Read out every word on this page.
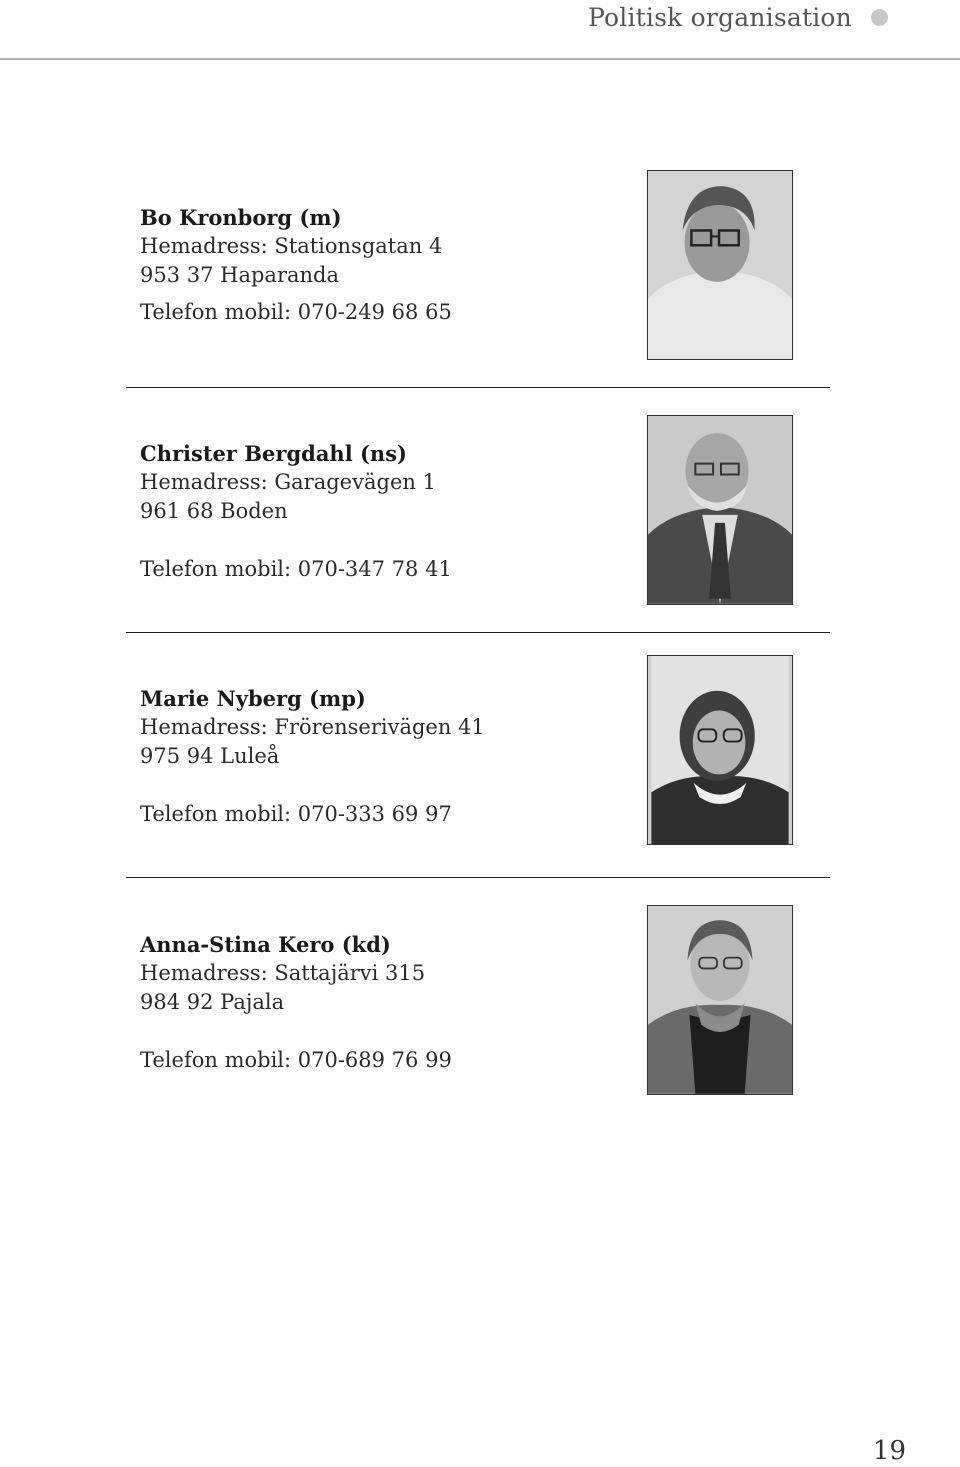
Politisk organisation
Bo Kronborg (m)
Hemadress: Stationsgatan 4
953 37 Haparanda
Telefon mobil: 070-249 68 65
Christer Bergdahl (ns)
Hemadress: Garagevägen 1
961 68 Boden
Telefon mobil: 070-347 78 41
Marie Nyberg (mp)
Hemadress: Frörenserivägen 41
975 94 Luleå
Telefon mobil: 070-333 69 97
Anna-Stina Kero (kd)
Hemadress: Sattajärvi 315
984 92 Pajala
Telefon mobil: 070-689 76 99
19
